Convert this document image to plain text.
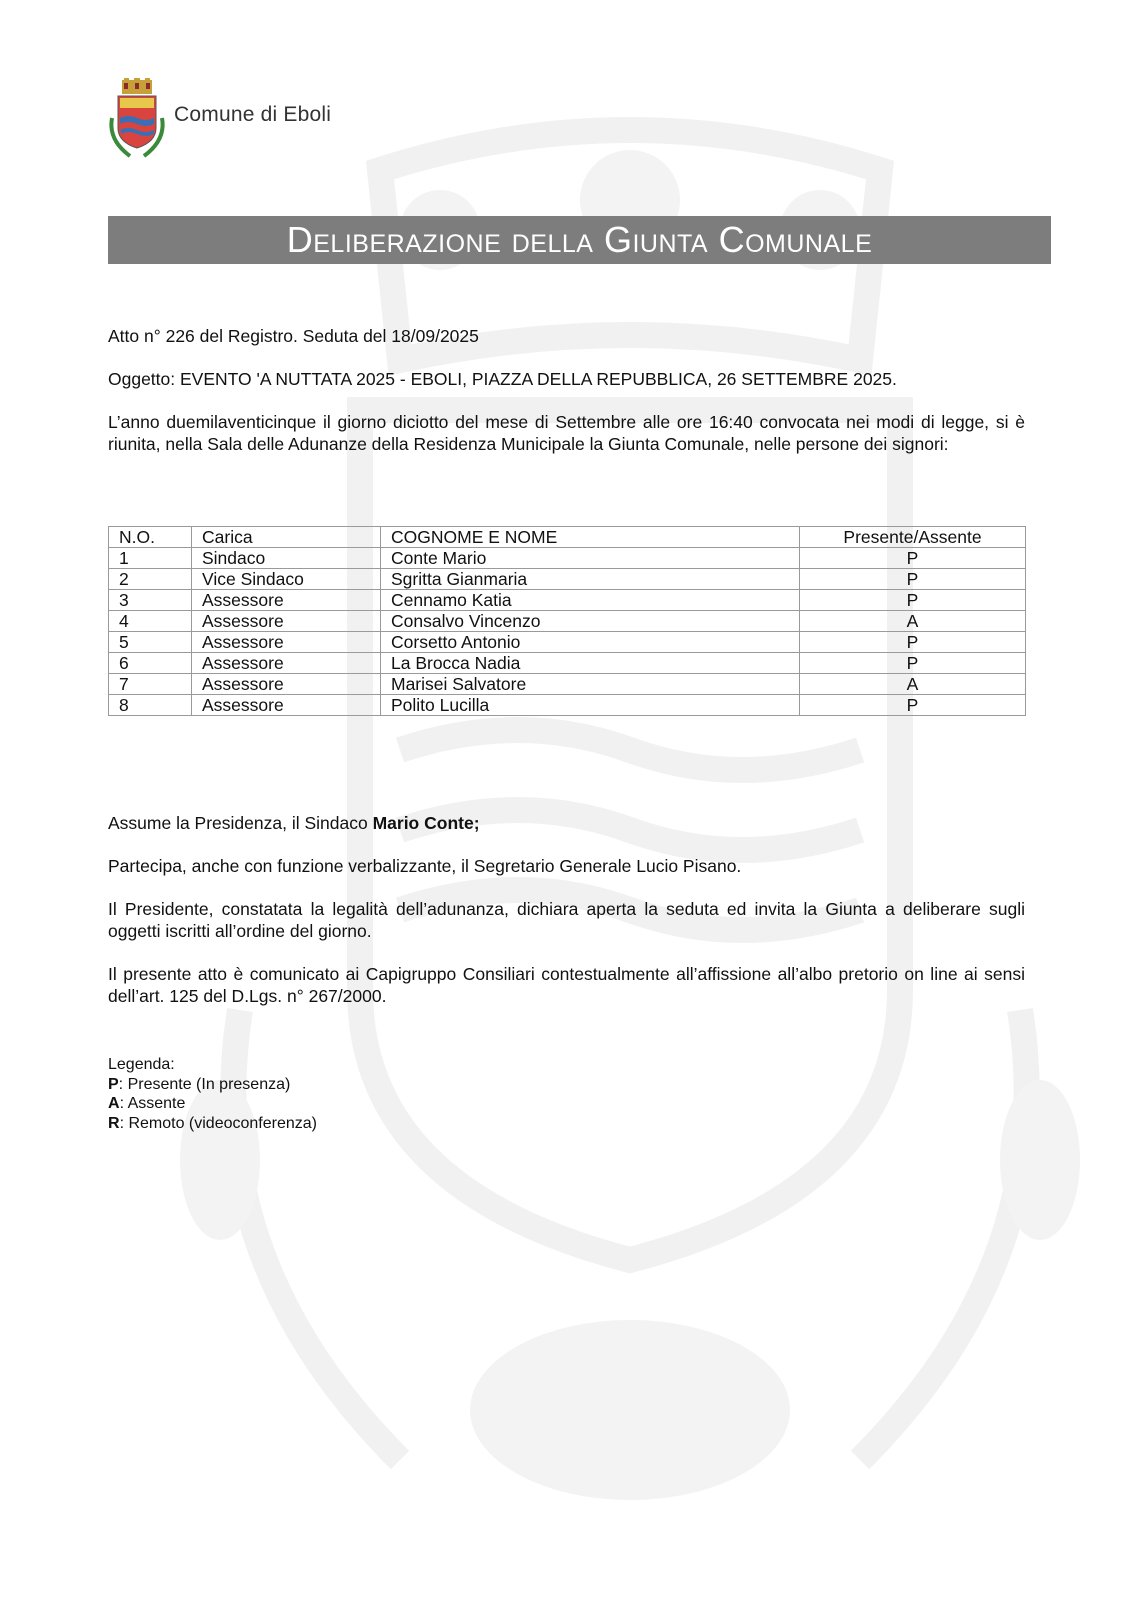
Comune di Eboli
Deliberazione della Giunta Comunale

Atto n° 226 del Registro. Seduta del 18/09/2025

Oggetto: EVENTO 'A NUTTATA 2025 - EBOLI, PIAZZA DELLA REPUBBLICA, 26 SETTEMBRE 2025.

L’anno duemilaventicinque il giorno diciotto del mese di Settembre alle ore 16:40 convocata nei modi di legge, si è riunita, nella Sala delle Adunanze della Residenza Municipale la Giunta Comunale, nelle persone dei signori:

N.O.	Carica	COGNOME E NOME	Presente/Assente
1	Sindaco	Conte Mario	P
2	Vice Sindaco	Sgritta Gianmaria	P
3	Assessore	Cennamo Katia	P
4	Assessore	Consalvo Vincenzo	A
5	Assessore	Corsetto Antonio	P
6	Assessore	La Brocca Nadia	P
7	Assessore	Marisei Salvatore	A
8	Assessore	Polito Lucilla	P

Assume la Presidenza, il Sindaco Mario Conte;

Partecipa, anche con funzione verbalizzante, il Segretario Generale Lucio Pisano.

Il Presidente, constatata la legalità dell’adunanza, dichiara aperta la seduta ed invita la Giunta a deliberare sugli oggetti iscritti all’ordine del giorno.

Il presente atto è comunicato ai Capigruppo Consiliari contestualmente all’affissione all’albo pretorio on line ai sensi dell’art. 125 del D.Lgs. n° 267/2000.

Legenda:
P: Presente (In presenza)
A: Assente
R: Remoto (videoconferenza)
